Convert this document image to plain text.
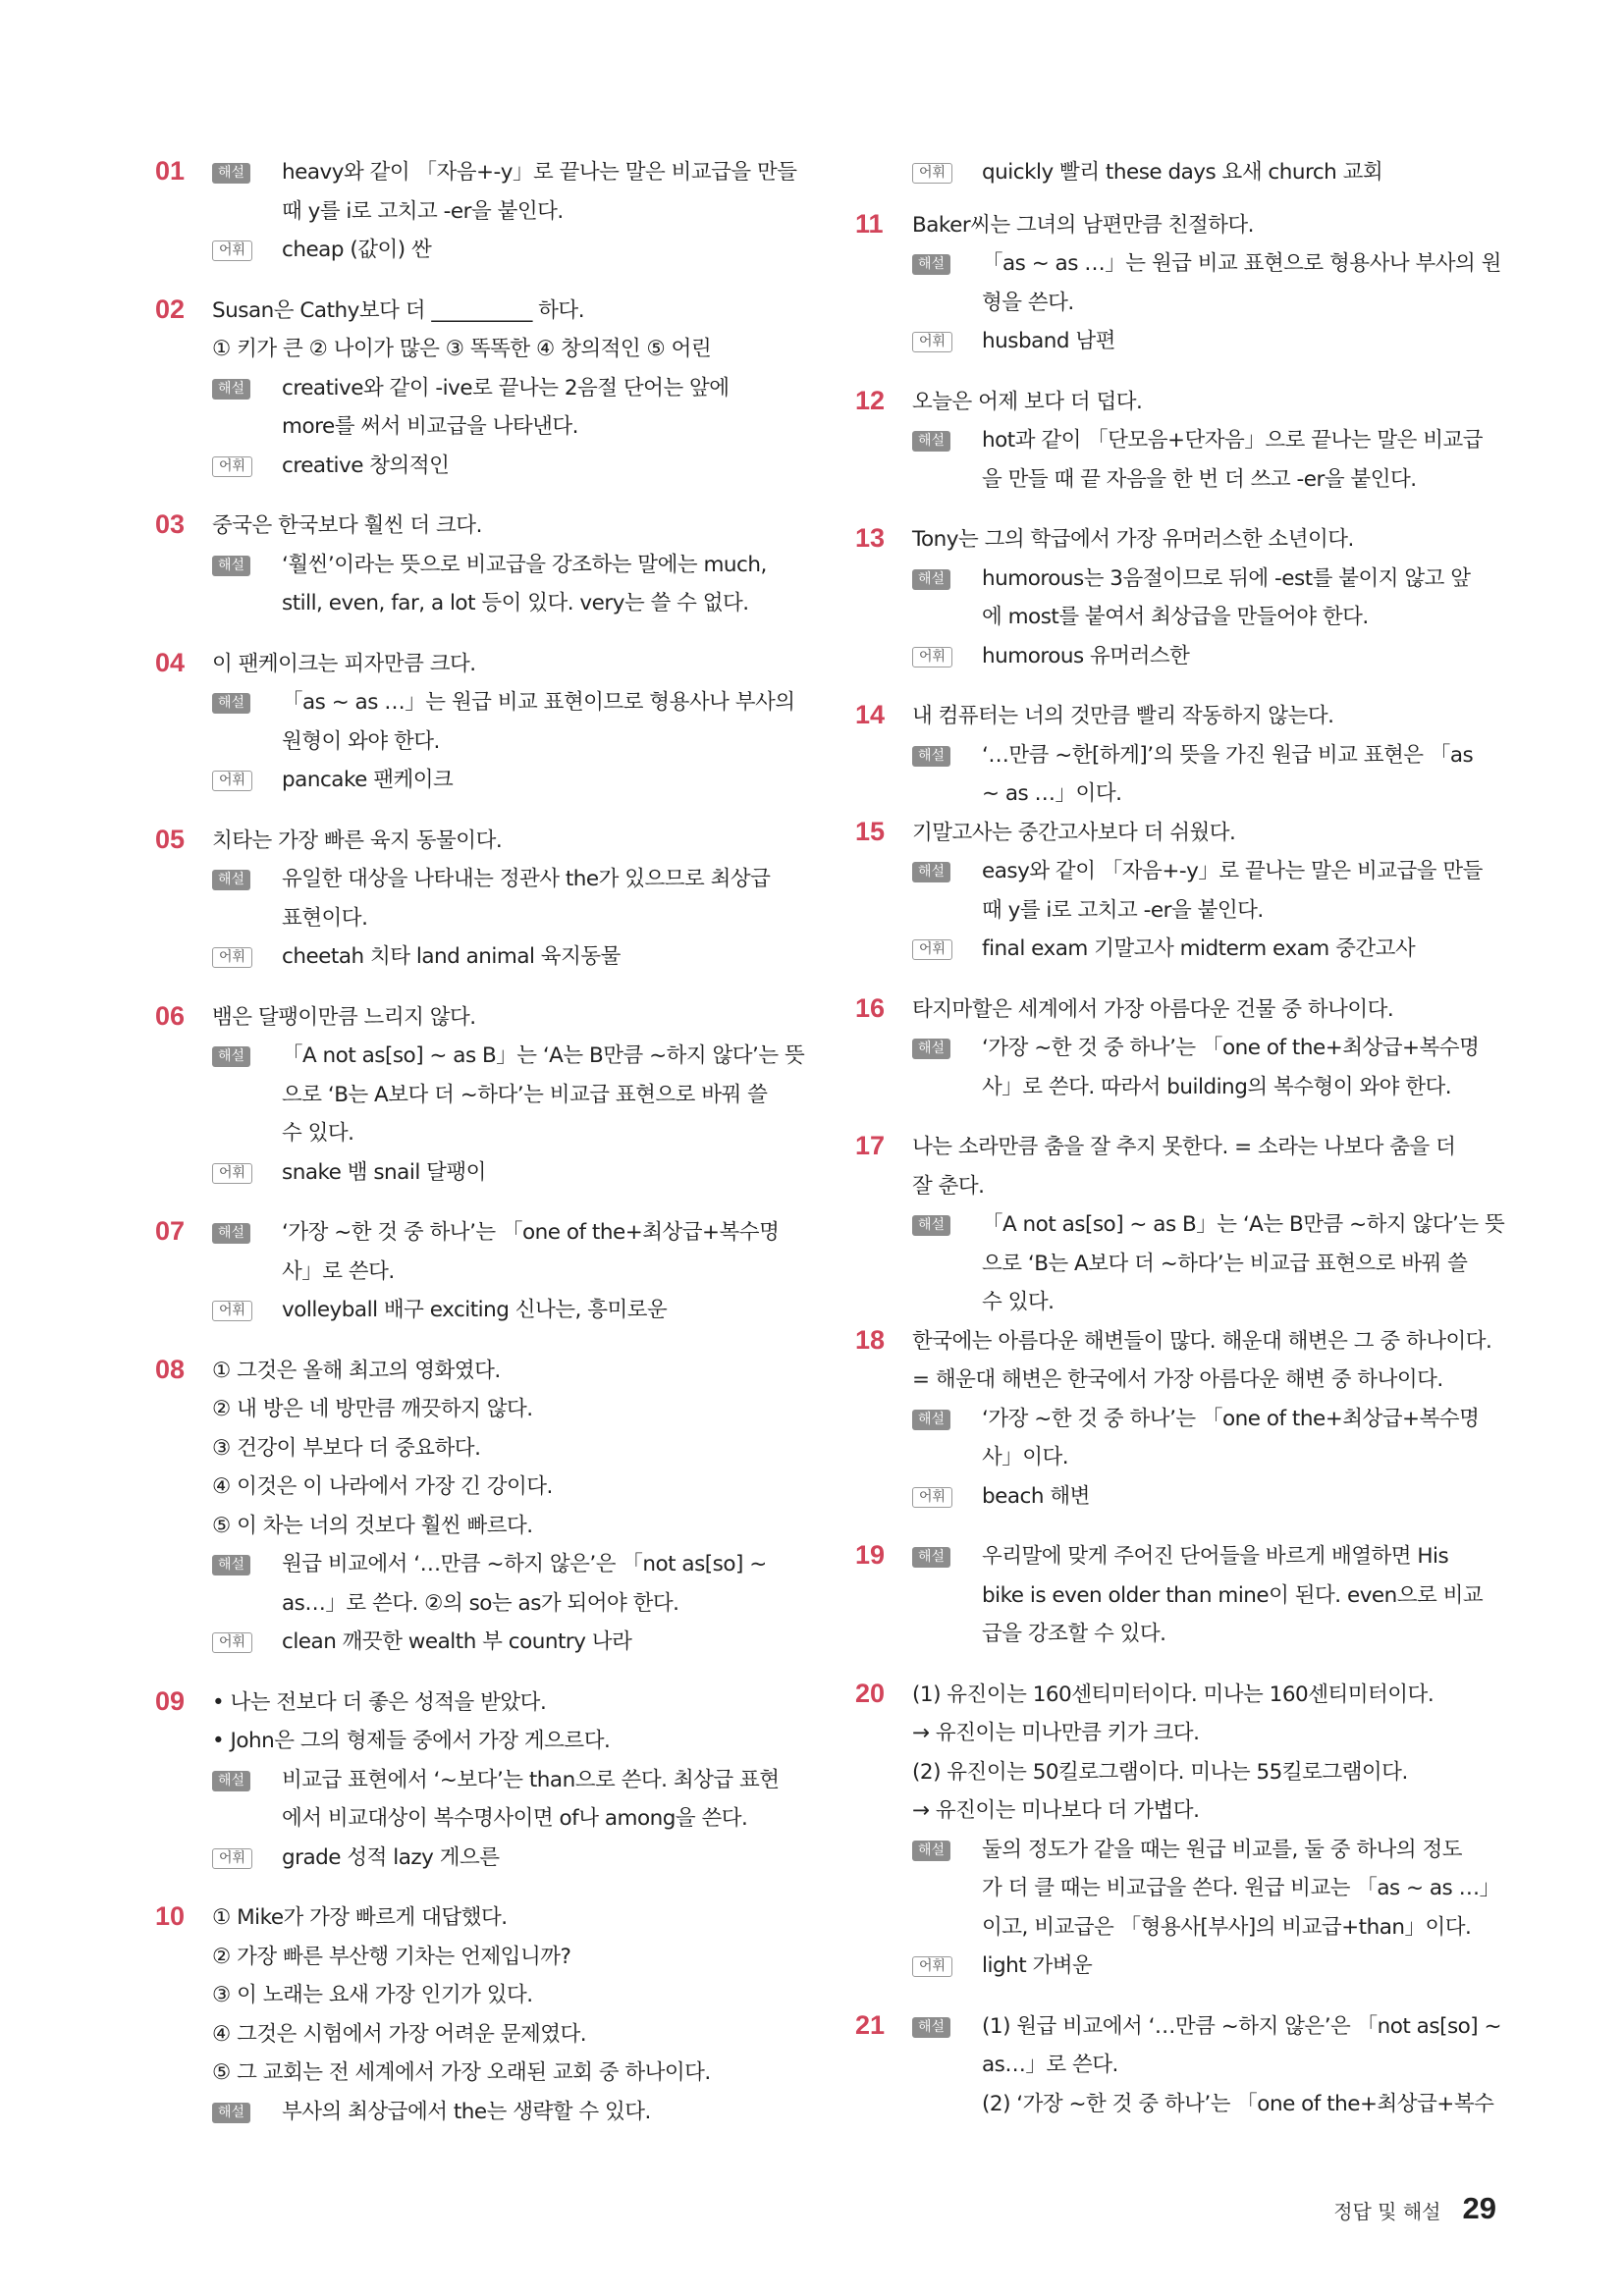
01	해설 heavy와 같이 「자음+-y」로 끝나는 말은 비교급을 만들
때 y를 i로 고치고 -er을 붙인다.
어휘	cheap (값이) 싼
02 Susan은 Cathy보다 더 __________ 하다.
① 키가 큰 ② 나이가 많은 ③ 똑똑한 ④ 창의적인 ⑤ 어린
해설 creative와 같이 -ive로 끝나는 2음절 단어는 앞에
more를 써서 비교급을 나타낸다.
어휘	creative 창의적인
03 중국은 한국보다 훨씬 더 크다.
해설 ‘훨씬’이라는 뜻으로 비교급을 강조하는 말에는 much,
still, even, far, a lot 등이 있다. very는 쓸 수 없다.
04 이 팬케이크는 피자만큼 크다.
해설 「as ~ as …」는 원급 비교 표현이므로 형용사나 부사의
원형이 와야 한다.
어휘	pancake 팬케이크
05 치타는 가장 빠른 육지 동물이다.
해설 유일한 대상을 나타내는 정관사 the가 있으므로 최상급
표현이다.
어휘	cheetah 치타 land animal 육지동물
06 뱀은 달팽이만큼 느리지 않다.
해설 「A not as[so] ~ as B」는 ‘A는 B만큼 ~하지 않다’는 뜻
으로 ‘B는 A보다 더 ~하다’는 비교급 표현으로 바꿔 쓸
수 있다.
어휘	snake 뱀 snail 달팽이
07	해설 ‘가장 ~한 것 중 하나’는 「one of the+최상급+복수명
사」로 쓴다.
어휘	volleyball 배구 exciting 신나는, 흥미로운
08 ① 그것은 올해 최고의 영화였다.
② 내 방은 네 방만큼 깨끗하지 않다.
③ 건강이 부보다 더 중요하다.
④ 이것은 이 나라에서 가장 긴 강이다.
⑤ 이 차는 너의 것보다 훨씬 빠르다.
해설 원급 비교에서 ‘…만큼 ~하지 않은’은 「not as[so] ~
as…」로 쓴다. ②의 so는 as가 되어야 한다.
어휘	clean 깨끗한 wealth 부 country 나라
09 • 나는 전보다 더 좋은 성적을 받았다.
• John은 그의 형제들 중에서 가장 게으르다.
해설 비교급 표현에서 ‘~보다’는 than으로 쓴다. 최상급 표현
에서 비교대상이 복수명사이면 of나 among을 쓴다.
어휘	grade 성적 lazy 게으른
10 ① Mike가 가장 빠르게 대답했다.
② 가장 빠른 부산행 기차는 언제입니까?
③ 이 노래는 요새 가장 인기가 있다.
④ 그것은 시험에서 가장 어려운 문제였다.
⑤ 그 교회는 전 세계에서 가장 오래된 교회 중 하나이다.
해설 부사의 최상급에서 the는 생략할 수 있다.
어휘	quickly 빨리 these days 요새 church 교회
11 Baker씨는 그녀의 남편만큼 친절하다.
해설 「as ~ as …」는 원급 비교 표현으로 형용사나 부사의 원
형을 쓴다.
어휘	husband 남편
12 오늘은 어제 보다 더 덥다.
해설 hot과 같이 「단모음+단자음」으로 끝나는 말은 비교급
을 만들 때 끝 자음을 한 번 더 쓰고 -er을 붙인다.
13 Tony는 그의 학급에서 가장 유머러스한 소년이다.
해설 humorous는 3음절이므로 뒤에 -est를 붙이지 않고 앞
에 most를 붙여서 최상급을 만들어야 한다.
어휘	humorous 유머러스한
14 내 컴퓨터는 너의 것만큼 빨리 작동하지 않는다.
해설 ‘…만큼 ~한[하게]’의 뜻을 가진 원급 비교 표현은 「as
~ as …」이다.
15 기말고사는 중간고사보다 더 쉬웠다.
해설 easy와 같이 「자음+-y」로 끝나는 말은 비교급을 만들
때 y를 i로 고치고 -er을 붙인다.
어휘	final exam 기말고사 midterm exam 중간고사
16 타지마할은 세계에서 가장 아름다운 건물 중 하나이다.
해설 ‘가장 ~한 것 중 하나’는 「one of the+최상급+복수명
사」로 쓴다. 따라서 building의 복수형이 와야 한다.
17 나는 소라만큼 춤을 잘 추지 못한다. = 소라는 나보다 춤을 더
잘 춘다.
해설 「A not as[so] ~ as B」는 ‘A는 B만큼 ~하지 않다’는 뜻
으로 ‘B는 A보다 더 ~하다’는 비교급 표현으로 바꿔 쓸
수 있다.
18 한국에는 아름다운 해변들이 많다. 해운대 해변은 그 중 하나이다.
= 해운대 해변은 한국에서 가장 아름다운 해변 중 하나이다.
해설 ‘가장 ~한 것 중 하나’는 「one of the+최상급+복수명
사」이다.
어휘	beach 해변
19	해설 우리말에 맞게 주어진 단어들을 바르게 배열하면 His
bike is even older than mine이 된다. even으로 비교
급을 강조할 수 있다.
20 (1) 유진이는 160센티미터이다. 미나는 160센티미터이다.
→ 유진이는 미나만큼 키가 크다.
(2) 유진이는 50킬로그램이다. 미나는 55킬로그램이다.
→ 유진이는 미나보다 더 가볍다.
해설 둘의 정도가 같을 때는 원급 비교를, 둘 중 하나의 정도
가 더 클 때는 비교급을 쓴다. 원급 비교는 「as ~ as …」
이고, 비교급은 「형용사[부사]의 비교급+than」이다.
어휘	light 가벼운
21	해설 (1) 원급 비교에서 ‘…만큼 ~하지 않은’은 「not as[so] ~
as…」로 쓴다.
(2) ‘가장 ~한 것 중 하나’는 「one of the+최상급+복수
정답 및 해설 29
